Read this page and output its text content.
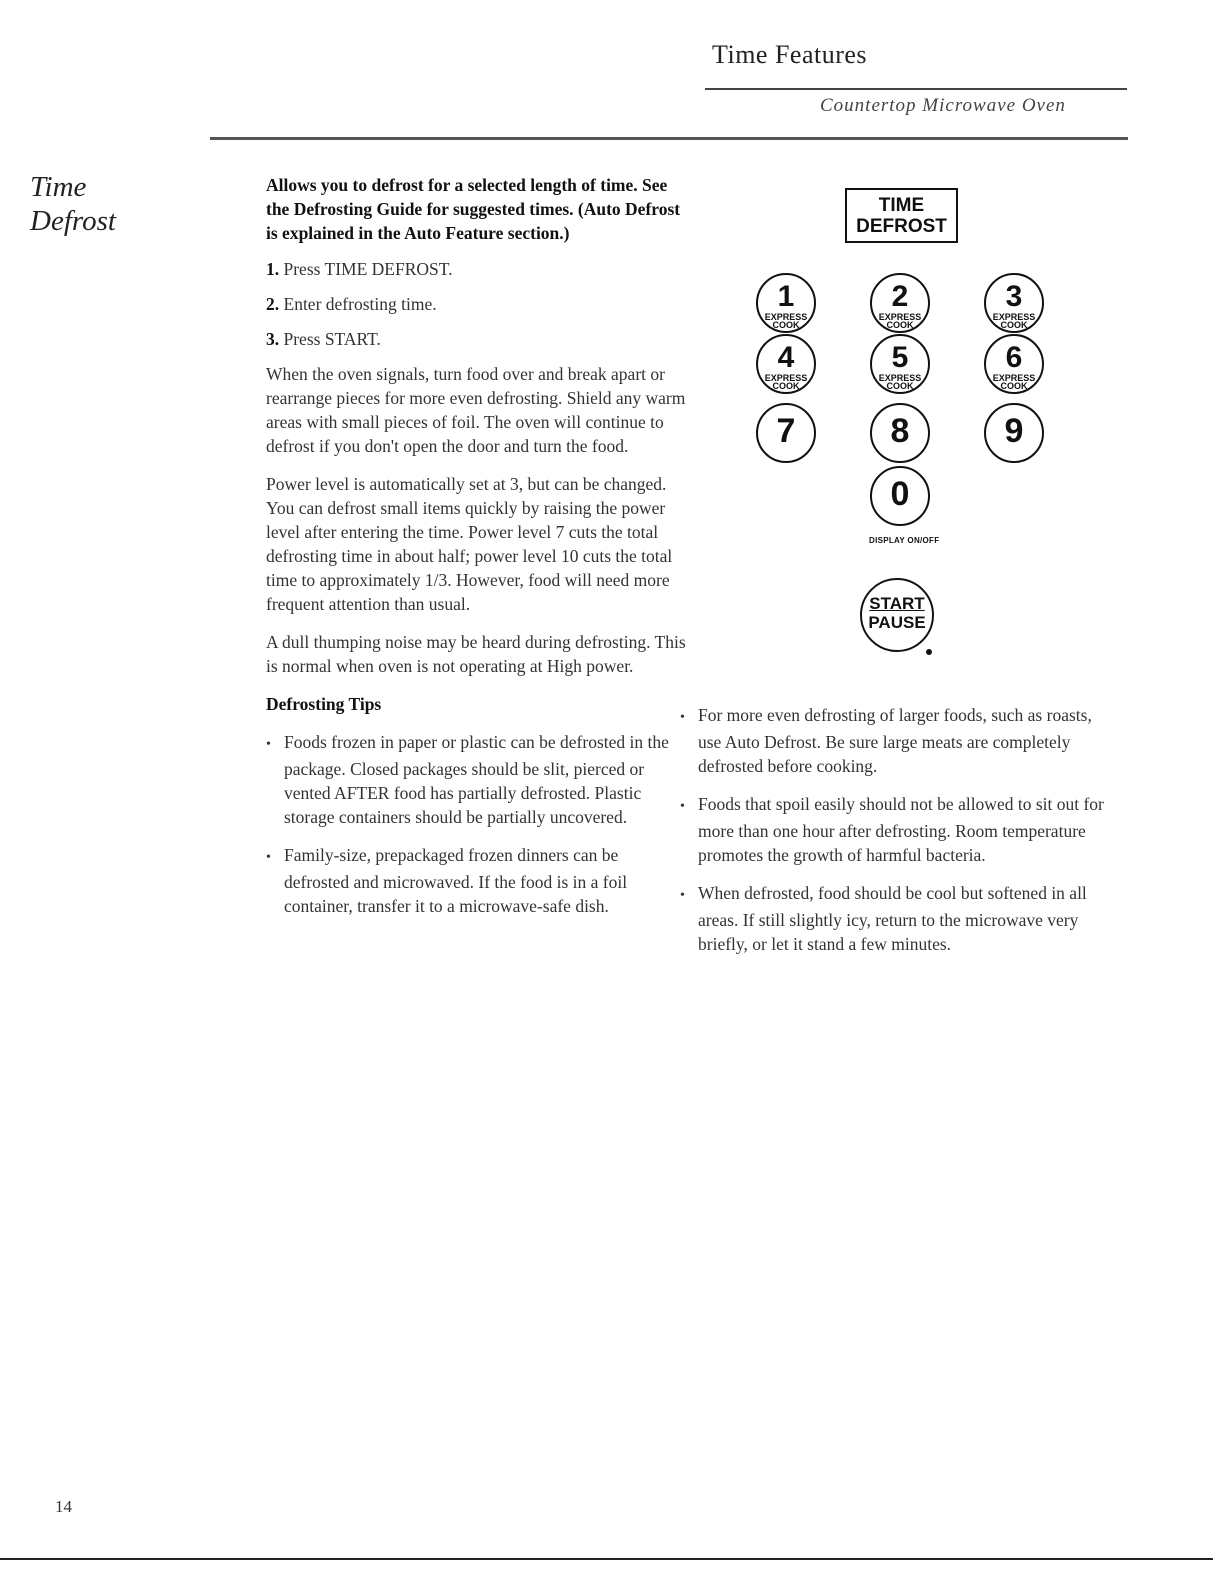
Time Features
Countertop Microwave Oven
Time
Defrost

Allows you to defrost for a selected length of time. See the Defrosting Guide for suggested times. (Auto Defrost is explained in the Auto Feature section.)

1. Press TIME DEFROST.

2. Enter defrosting time.

3. Press START.

When the oven signals, turn food over and break apart or rearrange pieces for more even defrosting. Shield any warm areas with small pieces of foil. The oven will continue to defrost if you don't open the door and turn the food.

Power level is automatically set at 3, but can be changed. You can defrost small items quickly by raising the power level after entering the time. Power level 7 cuts the total defrosting time in about half; power level 10 cuts the total time to approximately 1/3. However, food will need more frequent attention than usual.

A dull thumping noise may be heard during defrosting. This is normal when oven is not operating at High power.

Defrosting Tips

• Foods frozen in paper or plastic can be defrosted in the package. Closed packages should be slit, pierced or vented AFTER food has partially defrosted. Plastic storage containers should be partially uncovered.

• Family-size, prepackaged frozen dinners can be defrosted and microwaved. If the food is in a foil container, transfer it to a microwave-safe dish.

• For more even defrosting of larger foods, such as roasts, use Auto Defrost. Be sure large meats are completely defrosted before cooking.

• Foods that spoil easily should not be allowed to sit out for more than one hour after defrosting. Room temperature promotes the growth of harmful bacteria.

• When defrosted, food should be cool but softened in all areas. If still slightly icy, return to the microwave very briefly, or let it stand a few minutes.

TIME
DEFROST
1
EXPRESS
COOK
2
EXPRESS
COOK
3
EXPRESS
COOK
4
EXPRESS
COOK
5
EXPRESS
COOK
6
EXPRESS
COOK
7	8	9
0
DISPLAY ON/OFF
START
PAUSE
14
